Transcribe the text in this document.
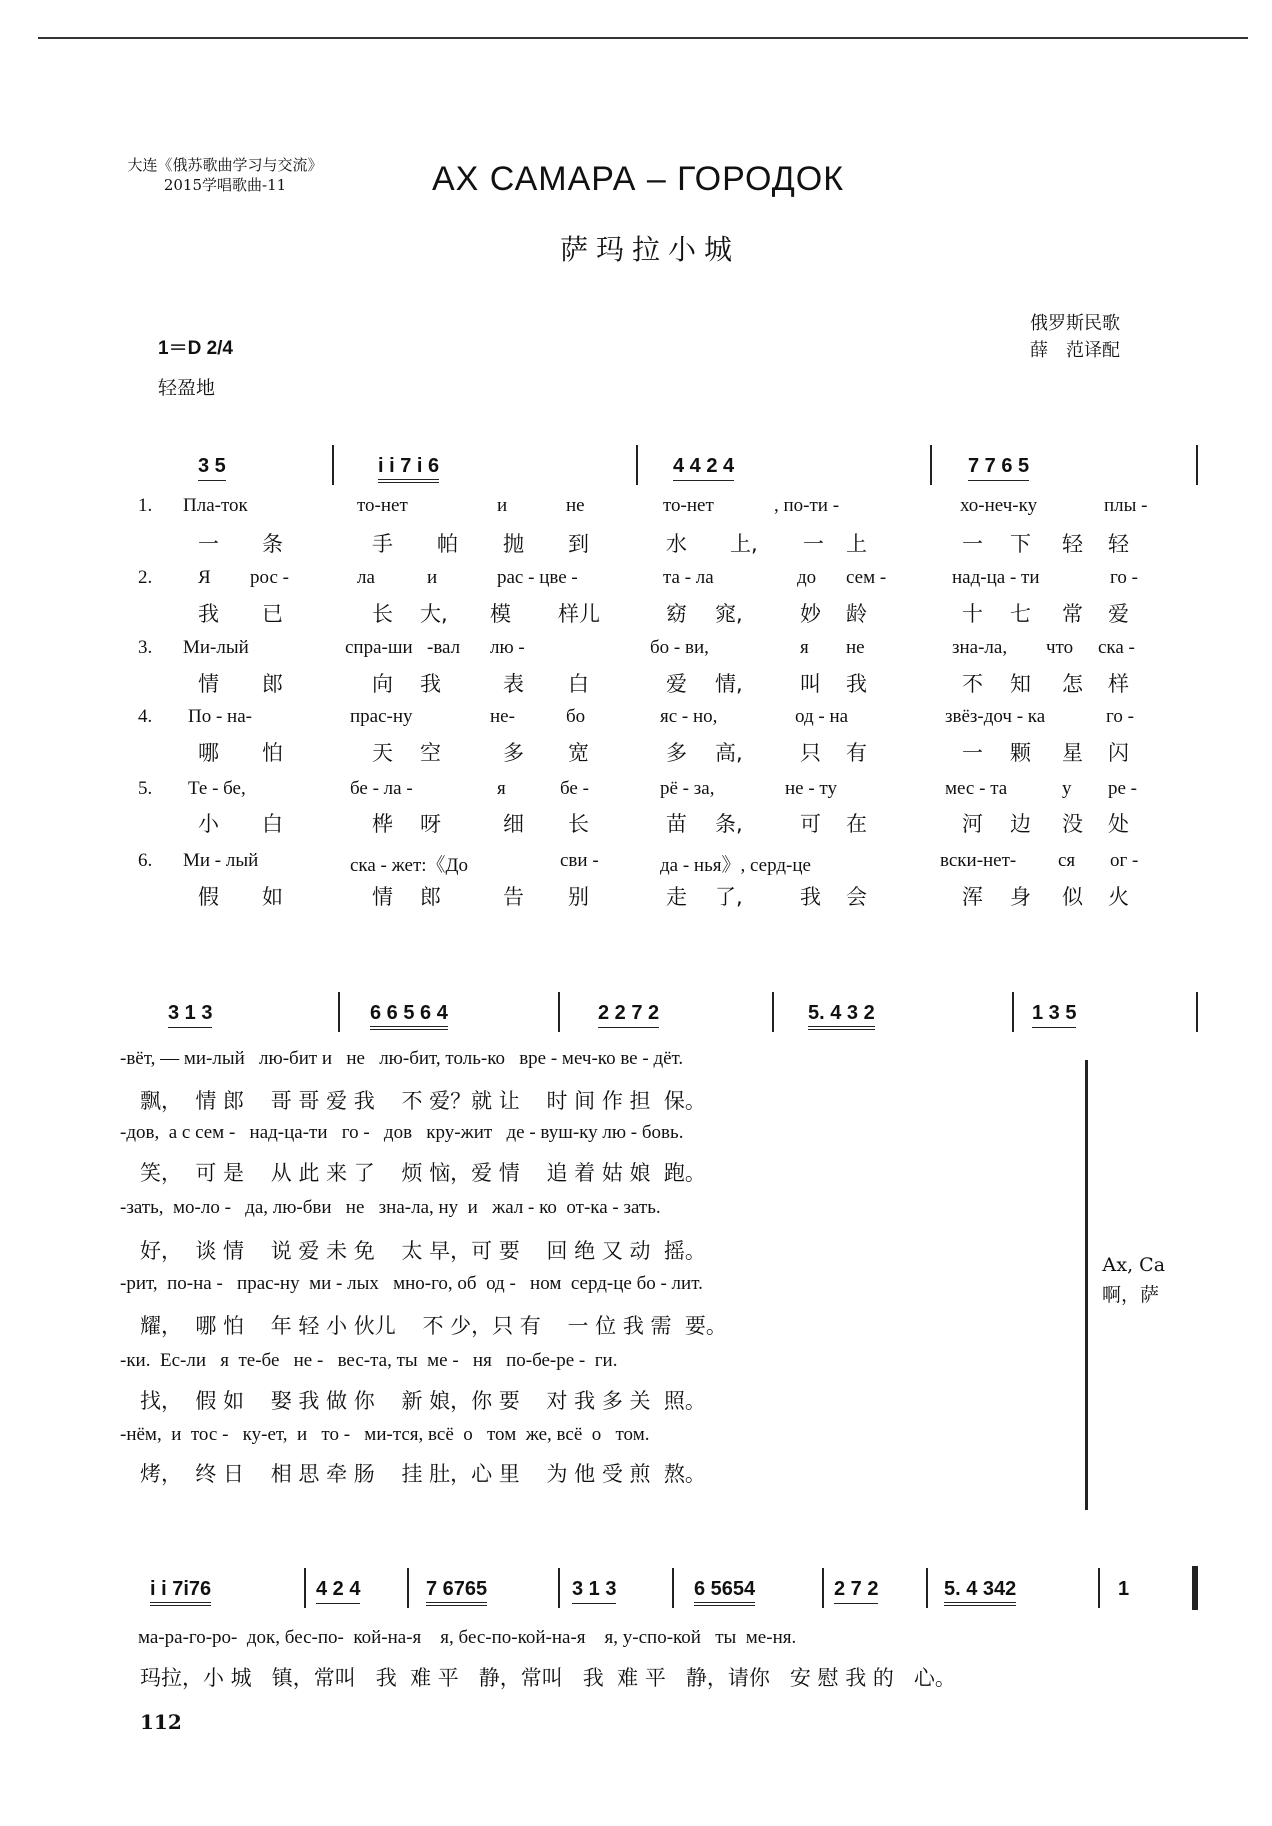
大连《俄苏歌曲学习与交流》
2015学唱歌曲-11	АХ САМАРА – ГОРОДОК
萨玛拉小城
俄罗斯民歌
薛　范译配
1＝D 2/4
轻盈地
3 5	i i 7 i 6	4 4 2 4	7 7 6 5
1. Пла-ток	то-нет	и	не	то-нет	, по-ти -	хо-неч-ку	плы -
一 条	手 帕 抛 到	水 上, 一 上	一 下 轻 轻
2. Я рос -	ла	и	рас - цве -	та - ла	до сем -	над-ца - ти	го -
我 已	长 大, 模 样儿	窈 窕,	妙 龄	十 七 常 爱
3. Ми-лый	спра-ши -вал лю -	бо - ви,	я не	зна-ла, что ска -
情 郎	向 我	表 白	爱 情,	叫 我	不 知 怎 样
4. По - на-	прас-ну	не-	бо	яс - но,	од - на	звёз-доч - ка	го -
哪 怕	天 空	多 宽	多 高,	只 有	一 颗 星 闪
5. Те - бе,	бе - ла -	я	бе -	рё - за,	не - ту	мес - та	у ре -
小 白	桦 呀	细 长	苗 条,	可 在	河 边 没 处
6. Ми - лый	ска - жет:《До	сви -	да - нья》, серд-це	вски-нет- ся ог -
假 如	情 郎	告 别	走 了,	我 会	浑 身 似 火
3 1 3	6 6 5 6 4	2 2 7 2	5. 4 3 2	1 3 5
-вёт, — ми-лый   лю-бит и   не   лю-бит, толь-ко   вре - меч-ко ве - дёт.
飘，  情 郎    哥 哥 爱 我    不 爱？就 让    时 间 作 担  保。
-дов,  а с сем -   над-ца-ти   го -   дов   кру-жит   де - вуш-ку лю - бовь.
笑，  可 是    从 此 来 了    烦 恼，爱 情    追 着 姑 娘  跑。
-зать,  мо-ло -   да, лю-бви   не   зна-ла, ну  и   жал - ко  от-ка - зать.
好，  谈 情    说 爱 未 免    太 早，可 要    回 绝 又 动  摇。
-рит,  по-на -   прас-ну  ми - лых   мно-го, об  од -   ном  серд-це бо - лит.
耀，  哪 怕    年 轻 小 伙儿    不 少，只 有    一 位 我 需  要。
-ки.  Ес-ли   я  те-бе   не -   вес-та, ты  ме -   ня   по-бе-ре -  ги.
找，  假 如    娶 我 做 你    新 娘，你 要    对 我 多 关  照。
-нём,  и  тос -   ку-ет,  и   то -   ми-тся, всё  о   том  же, всё  о   том.
烤，  终 日    相 思 牵 肠    挂 肚，心 里    为 他 受 煎  熬。
Ах, Са
啊，萨
i i 7i76	4 2 4	7 6765	3 1 3	6 5654	2 7 2	5. 4 342	1
ма-ра-го-ро-  док, бес-по-  кой-на-я    я, бес-по-кой-на-я    я, у-спо-кой   ты  ме-ня.
玛拉，小 城   镇，常叫   我  难 平   静，常叫   我  难 平   静，请你   安 慰 我 的   心。
112
